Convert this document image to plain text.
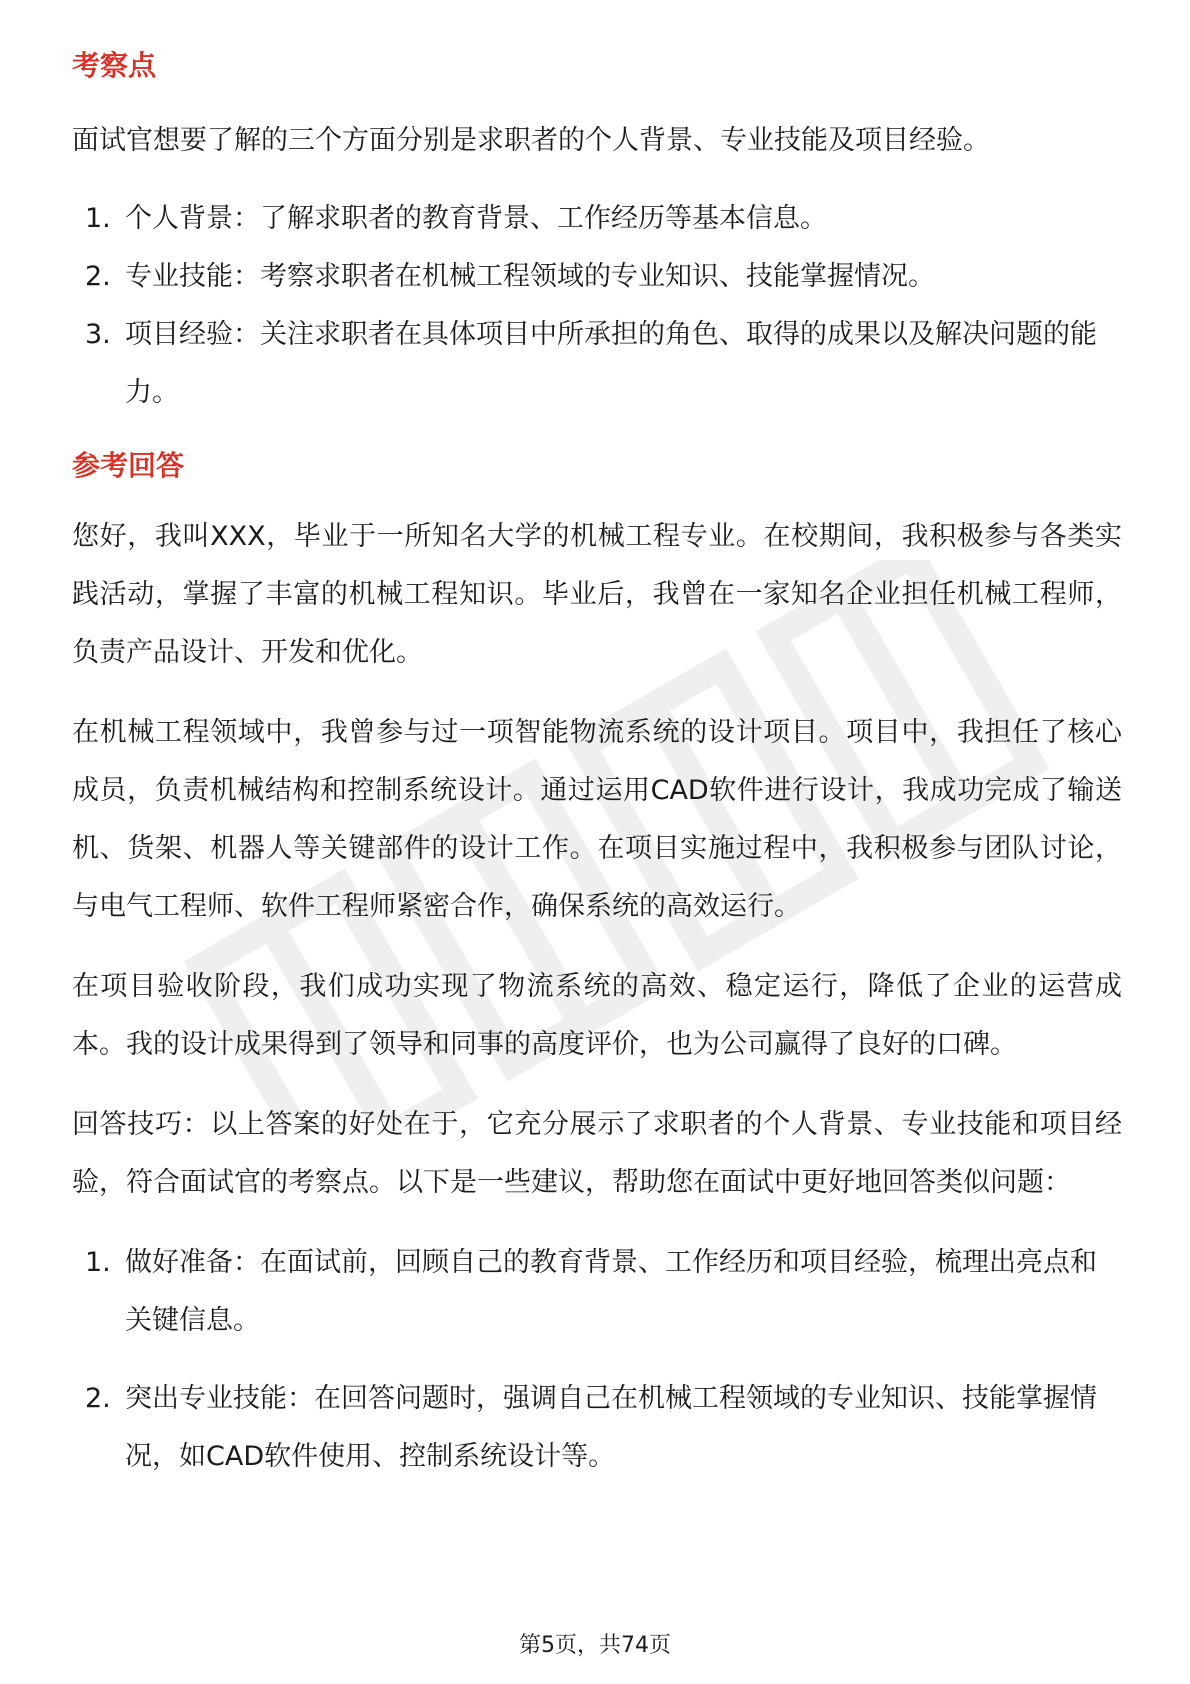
考察点

面试官想要了解的三个方面分别是求职者的个人背景、专业技能及项目经验。

1. 个人背景：了解求职者的教育背景、工作经历等基本信息。
2. 专业技能：考察求职者在机械工程领域的专业知识、技能掌握情况。
3. 项目经验：关注求职者在具体项目中所承担的角色、取得的成果以及解决问题的能力。
参考回答

您好，我叫XXX，毕业于一所知名大学的机械工程专业。在校期间，我积极参与各类实践活动，掌握了丰富的机械工程知识。毕业后，我曾在一家知名企业担任机械工程师，负责产品设计、开发和优化。

在机械工程领域中，我曾参与过一项智能物流系统的设计项目。项目中，我担任了核心成员，负责机械结构和控制系统设计。通过运用CAD软件进行设计，我成功完成了输送机、货架、机器人等关键部件的设计工作。在项目实施过程中，我积极参与团队讨论，与电气工程师、软件工程师紧密合作，确保系统的高效运行。

在项目验收阶段，我们成功实现了物流系统的高效、稳定运行，降低了企业的运营成本。我的设计成果得到了领导和同事的高度评价，也为公司赢得了良好的口碑。

回答技巧：以上答案的好处在于，它充分展示了求职者的个人背景、专业技能和项目经验，符合面试官的考察点。以下是一些建议，帮助您在面试中更好地回答类似问题：

1. 做好准备：在面试前，回顾自己的教育背景、工作经历和项目经验，梳理出亮点和关键信息。
2. 突出专业技能：在回答问题时，强调自己在机械工程领域的专业知识、技能掌握情况，如CAD软件使用、控制系统设计等。
第5页，共74页
